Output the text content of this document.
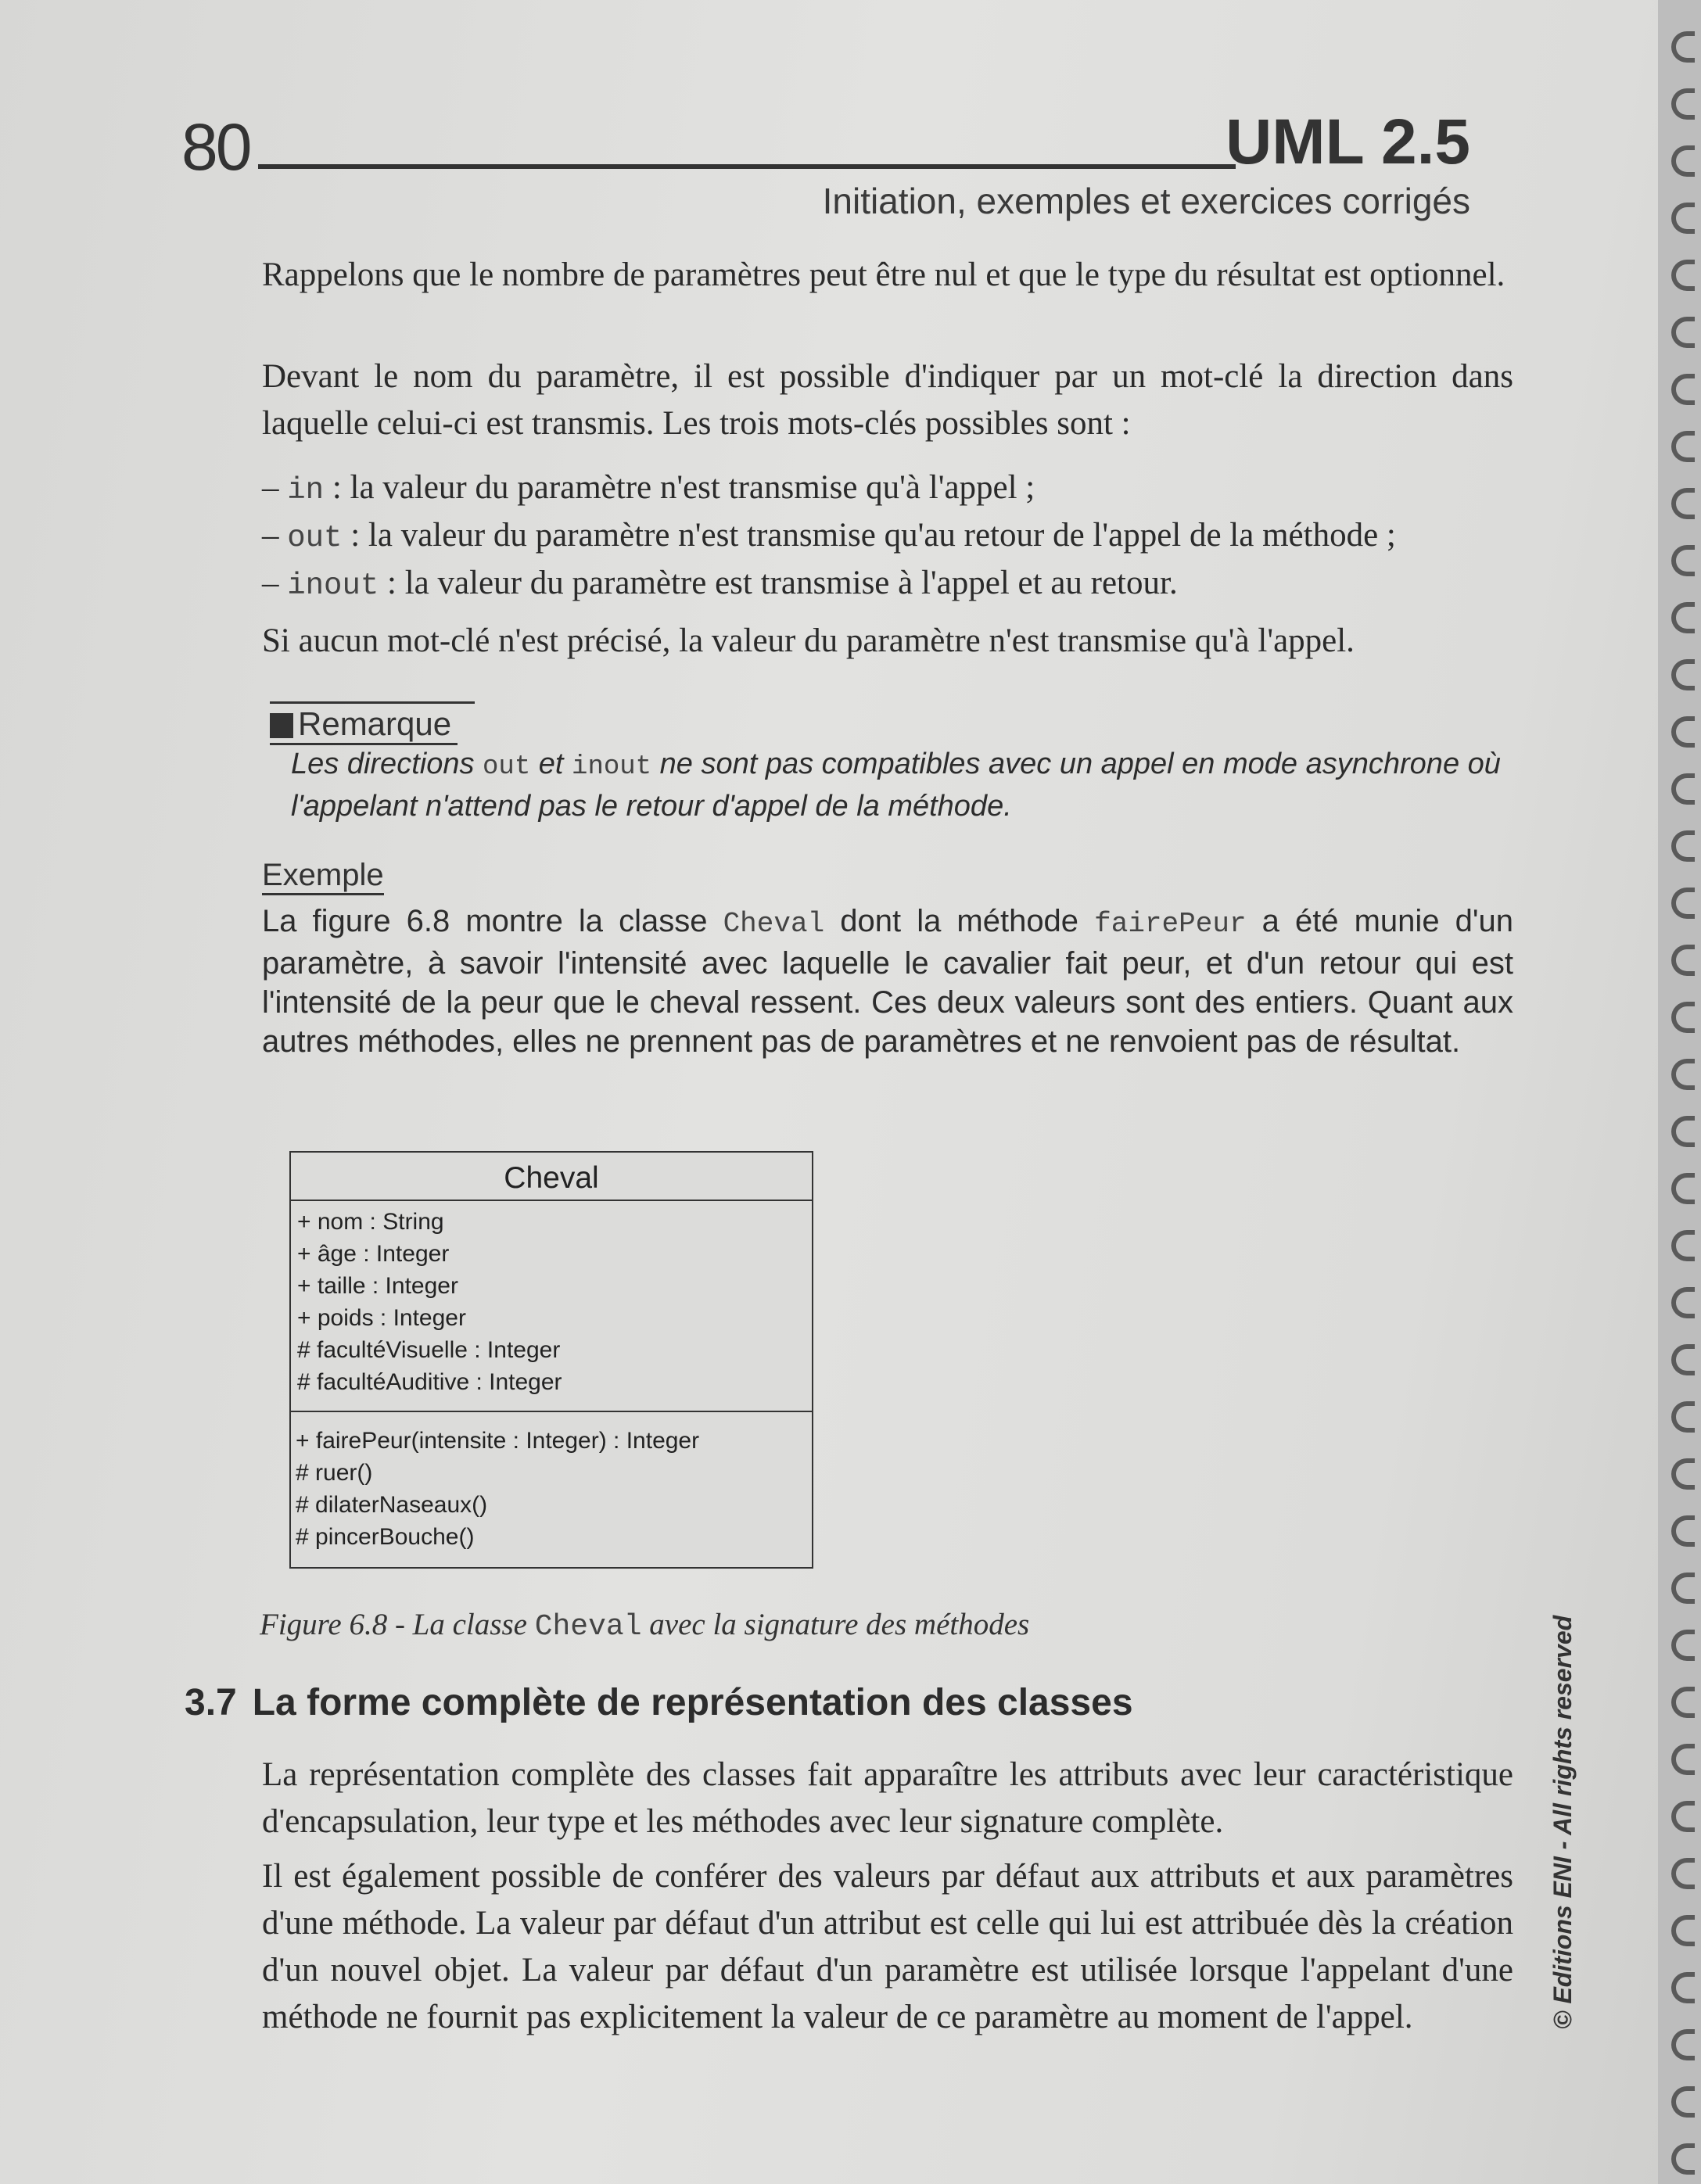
80	UML 2.5
Initiation, exemples et exercices corrigés

Rappelons que le nombre de paramètres peut être nul et que le type du résultat est optionnel.

Devant le nom du paramètre, il est possible d'indiquer par un mot-clé la direction dans laquelle celui-ci est transmis. Les trois mots-clés possibles sont :

– in : la valeur du paramètre n'est transmise qu'à l'appel ;
– out : la valeur du paramètre n'est transmise qu'au retour de l'appel de la méthode ;
– inout : la valeur du paramètre est transmise à l'appel et au retour.

Si aucun mot-clé n'est précisé, la valeur du paramètre n'est transmise qu'à l'appel.

Remarque
Les directions out et inout ne sont pas compatibles avec un appel en mode asynchrone où l'appelant n'attend pas le retour d'appel de la méthode.
Exemple
La figure 6.8 montre la classe Cheval dont la méthode fairePeur a été munie d'un paramètre, à savoir l'intensité avec laquelle le cavalier fait peur, et d'un retour qui est l'intensité de la peur que le cheval ressent. Ces deux valeurs sont des entiers. Quant aux autres méthodes, elles ne prennent pas de paramètres et ne renvoient pas de résultat.
Cheval
+ nom : String
+ âge : Integer
+ taille : Integer
+ poids : Integer
# facultéVisuelle : Integer
# facultéAuditive : Integer
+ fairePeur(intensite : Integer) : Integer
# ruer()
# dilaterNaseaux()
# pincerBouche()
Figure 6.8 - La classe Cheval avec la signature des méthodes
3.7 La forme complète de représentation des classes

La représentation complète des classes fait apparaître les attributs avec leur caractéristique d'encapsulation, leur type et les méthodes avec leur signature complète.

Il est également possible de conférer des valeurs par défaut aux attributs et aux paramètres d'une méthode. La valeur par défaut d'un attribut est celle qui lui est attribuée dès la création d'un nouvel objet. La valeur par défaut d'un paramètre est utilisée lorsque l'appelant d'une méthode ne fournit pas explicitement la valeur de ce paramètre au moment de l'appel.	© Editions ENI - All rights reserved
